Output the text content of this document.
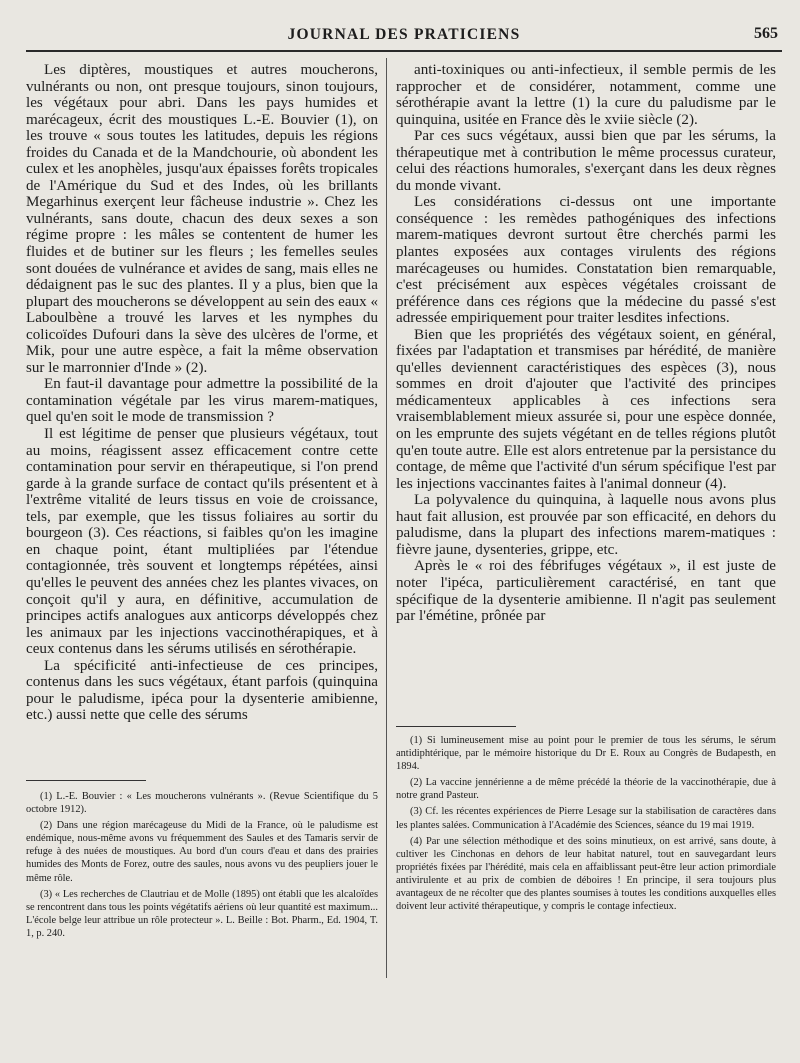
JOURNAL DES PRATICIENS	565

Les diptères, moustiques et autres moucherons, vulnérants ou non, ont presque toujours, sinon toujours, les végétaux pour abri. Dans les pays humides et marécageux, écrit des moustiques L.-E. Bouvier (1), on les trouve « sous toutes les latitudes, depuis les régions froides du Canada et de la Mandchourie, où abondent les culex et les anophèles, jusqu'aux épaisses forêts tropicales de l'Amérique du Sud et des Indes, où les brillants Megarhinus exerçent leur fâcheuse industrie ». Chez les vulnérants, sans doute, chacun des deux sexes a son régime propre : les mâles se contentent de humer les fluides et de butiner sur les fleurs ; les femelles seules sont douées de vulnérance et avides de sang, mais elles ne dédaignent pas le suc des plantes. Il y a plus, bien que la plupart des moucherons se développent au sein des eaux « Laboulbène a trouvé les larves et les nymphes du colicoïdes Dufouri dans la sève des ulcères de l'orme, et Mik, pour une autre espèce, a fait la même observation sur le marronnier d'Inde » (2).

En faut-il davantage pour admettre la possibilité de la contamination végétale par les virus marem-matiques, quel qu'en soit le mode de transmission ?

Il est légitime de penser que plusieurs végétaux, tout au moins, réagissent assez efficacement contre cette contamination pour servir en thérapeutique, si l'on prend garde à la grande surface de contact qu'ils présentent et à l'extrême vitalité de leurs tissus en voie de croissance, tels, par exemple, que les tissus foliaires au sortir du bourgeon (3). Ces réactions, si faibles qu'on les imagine en chaque point, étant multipliées par l'étendue contagionnée, très souvent et longtemps répétées, ainsi qu'elles le peuvent des années chez les plantes vivaces, on conçoit qu'il y aura, en définitive, accumulation de principes actifs analogues aux anticorps développés chez les animaux par les injections vaccinothérapiques, et à ceux contenus dans les sérums utilisés en sérothérapie.

La spécificité anti-infectieuse de ces principes, contenus dans les sucs végétaux, étant parfois (quinquina pour le paludisme, ipéca pour la dysenterie amibienne, etc.) aussi nette que celle des sérums

anti-toxiniques ou anti-infectieux, il semble permis de les rapprocher et de considérer, notamment, comme une sérothérapie avant la lettre (1) la cure du paludisme par le quinquina, usitée en France dès le xviie siècle (2).

Par ces sucs végétaux, aussi bien que par les sérums, la thérapeutique met à contribution le même processus curateur, celui des réactions humorales, s'exerçant dans les deux règnes du monde vivant.

Les considérations ci-dessus ont une importante conséquence : les remèdes pathogéniques des infections marem-matiques devront surtout être cherchés parmi les plantes exposées aux contages virulents des régions marécageuses ou humides. Constatation bien remarquable, c'est précisément aux espèces végétales croissant de préférence dans ces régions que la médecine du passé s'est adressée empiriquement pour traiter lesdites infections.

Bien que les propriétés des végétaux soient, en général, fixées par l'adaptation et transmises par hérédité, de manière qu'elles deviennent caractéristiques des espèces (3), nous sommes en droit d'ajouter que l'activité des principes médicamenteux applicables à ces infections sera vraisemblablement mieux assurée si, pour une espèce donnée, on les emprunte des sujets végétant en de telles régions plutôt qu'en toute autre. Elle est alors entretenue par la persistance du contage, de même que l'activité d'un sérum spécifique l'est par les injections vaccinantes faites à l'animal donneur (4).

La polyvalence du quinquina, à laquelle nous avons plus haut fait allusion, est prouvée par son efficacité, en dehors du paludisme, dans la plupart des infections marem-matiques : fièvre jaune, dysenteries, grippe, etc.

Après le « roi des fébrifuges végétaux », il est juste de noter l'ipéca, particulièrement caractérisé, en tant que spécifique de la dysenterie amibienne. Il n'agit pas seulement par l'émétine, prônée par

(1) L.-E. Bouvier : « Les moucherons vulnérants ». (Revue Scientifique du 5 octobre 1912).

(2) Dans une région marécageuse du Midi de la France, où le paludisme est endémique, nous-même avons vu fréquemment des Saules et des Tamaris servir de refuge à des nuées de moustiques. Au bord d'un cours d'eau et dans des prairies humides des Monts de Forez, outre des saules, nous avons vu des peupliers jouer le même rôle.

(3) « Les recherches de Clautriau et de Molle (1895) ont établi que les alcaloïdes se rencontrent dans tous les points végétatifs aériens où leur quantité est maximum... L'école belge leur attribue un rôle protecteur ». L. Beille : Bot. Pharm., Ed. 1904, T. 1, p. 240.

(1) Si lumineusement mise au point pour le premier de tous les sérums, le sérum antidiphtérique, par le mémoire historique du Dr E. Roux au Congrès de Budapesth, en 1894.

(2) La vaccine jennérienne a de même précédé la théorie de la vaccinothérapie, due à notre grand Pasteur.

(3) Cf. les récentes expériences de Pierre Lesage sur la stabilisation de caractères dans les plantes salées. Communication à l'Académie des Sciences, séance du 19 mai 1919.

(4) Par une sélection méthodique et des soins minutieux, on est arrivé, sans doute, à cultiver les Cinchonas en dehors de leur habitat naturel, tout en sauvegardant leurs propriétés fixées par l'hérédité, mais cela en affaiblissant peut-être leur action primordiale antivirulente et au prix de combien de déboires ! En principe, il sera toujours plus avantageux de ne récolter que des plantes soumises à toutes les conditions auxquelles elles doivent leur activité thérapeutique, y compris le contage infectieux.
